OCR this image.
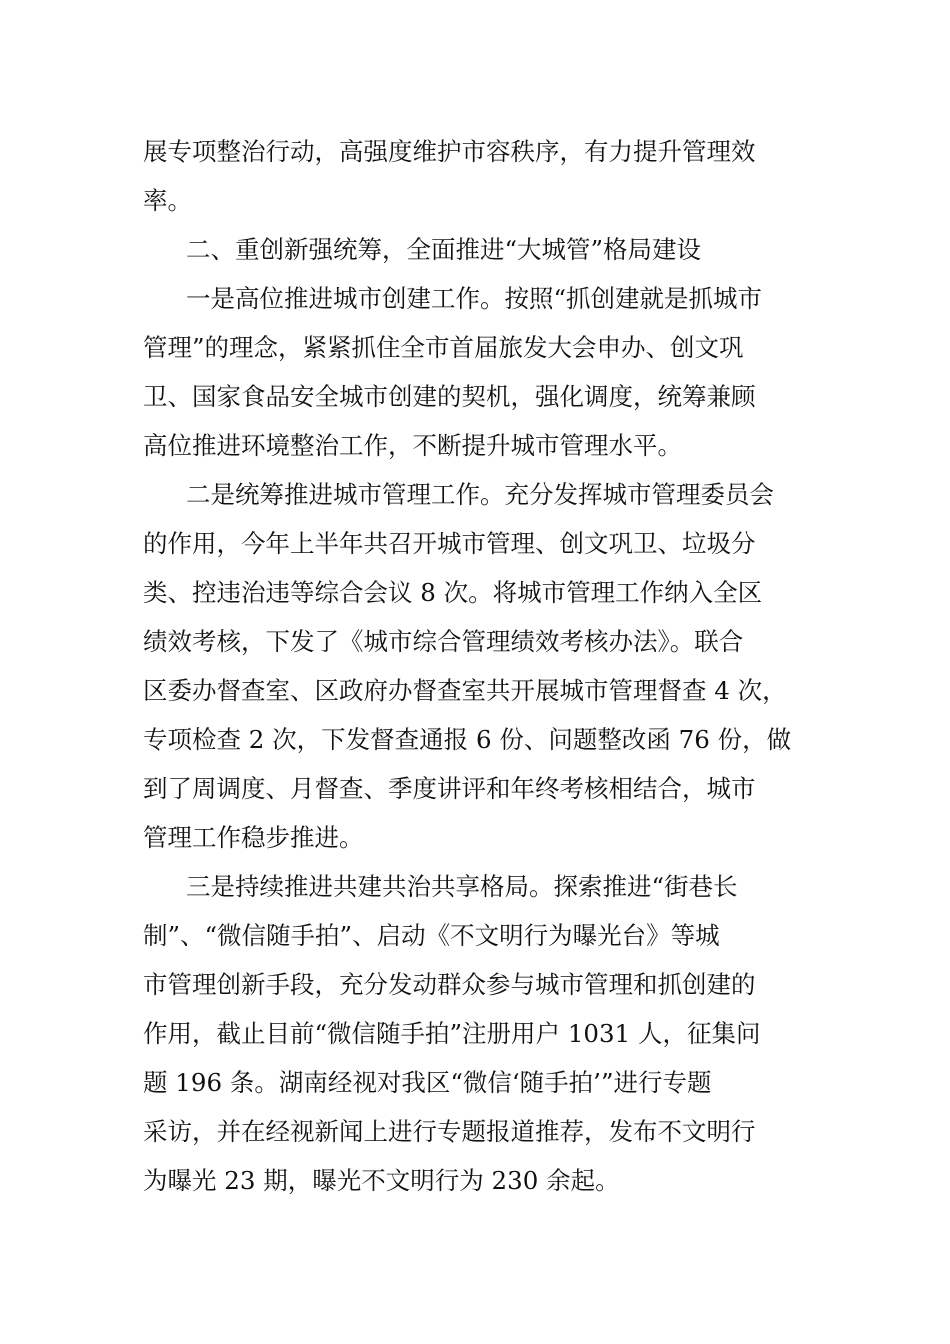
展专项整治行动，高强度维护市容秩序，有力提升管理效
率。
二、重创新强统筹，全面推进“大城管”格局建设
一是高位推进城市创建工作。按照“抓创建就是抓城市
管理”的理念，紧紧抓住全市首届旅发大会申办、创文巩
卫、国家食品安全城市创建的契机，强化调度，统筹兼顾
高位推进环境整治工作，不断提升城市管理水平。
二是统筹推进城市管理工作。充分发挥城市管理委员会
的作用，今年上半年共召开城市管理、创文巩卫、垃圾分
类、控违治违等综合会议 8 次。将城市管理工作纳入全区
绩效考核，下发了《城市综合管理绩效考核办法》。联合
区委办督查室、区政府办督查室共开展城市管理督查 4 次，
专项检查 2 次，下发督查通报 6 份、问题整改函 76 份，做
到了周调度、月督查、季度讲评和年终考核相结合，城市
管理工作稳步推进。
三是持续推进共建共治共享格局。探索推进“街巷长
制”、“微信随手拍”、启动《不文明行为曝光台》等城
市管理创新手段，充分发动群众参与城市管理和抓创建的
作用，截止目前“微信随手拍”注册用户 1031 人，征集问
题 196 条。湖南经视对我区“微信‘随手拍’”进行专题
采访，并在经视新闻上进行专题报道推荐，发布不文明行
为曝光 23 期，曝光不文明行为 230 余起。
